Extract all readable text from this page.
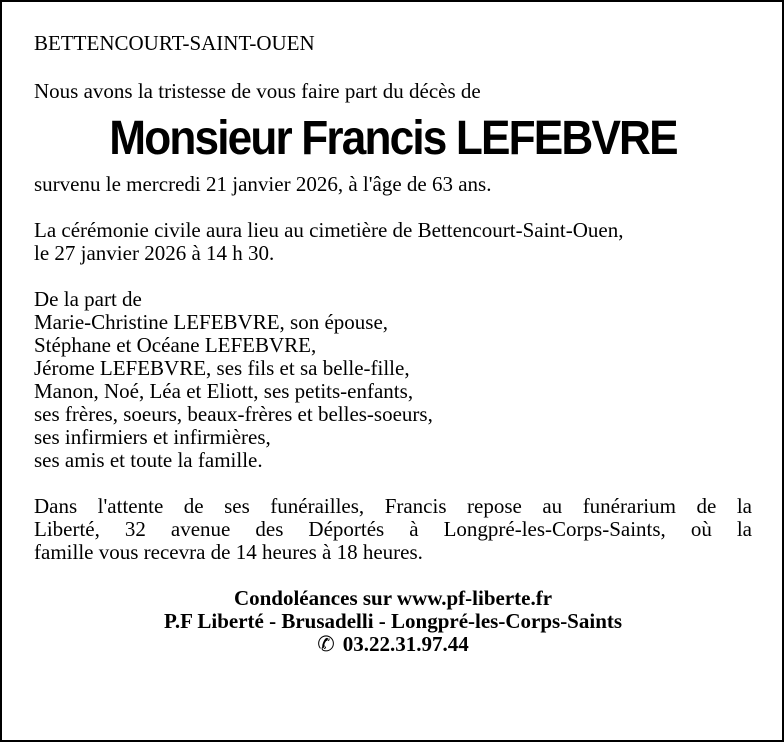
BETTENCOURT-SAINT-OUEN
Nous avons la tristesse de vous faire part du décès de
Monsieur Francis LEFEBVRE
survenu le mercredi 21 janvier 2026, à l'âge de 63 ans.
La cérémonie civile aura lieu au cimetière de Bettencourt-Saint-Ouen,
le 27 janvier 2026 à 14 h 30.
De la part de
Marie-Christine LEFEBVRE, son épouse,
Stéphane et Océane LEFEBVRE,
Jérome LEFEBVRE, ses fils et sa belle-fille,
Manon, Noé, Léa et Eliott, ses petits-enfants,
ses frères, soeurs, beaux-frères et belles-soeurs,
ses infirmiers et infirmières,
ses amis et toute la famille.
Dans l'attente de ses funérailles, Francis repose au funérarium de la
Liberté, 32 avenue des Déportés à Longpré-les-Corps-Saints, où la
famille vous recevra de 14 heures à 18 heures.
Condoléances sur www.pf-liberte.fr
P.F Liberté - Brusadelli - Longpré-les-Corps-Saints
✆ 03.22.31.97.44
